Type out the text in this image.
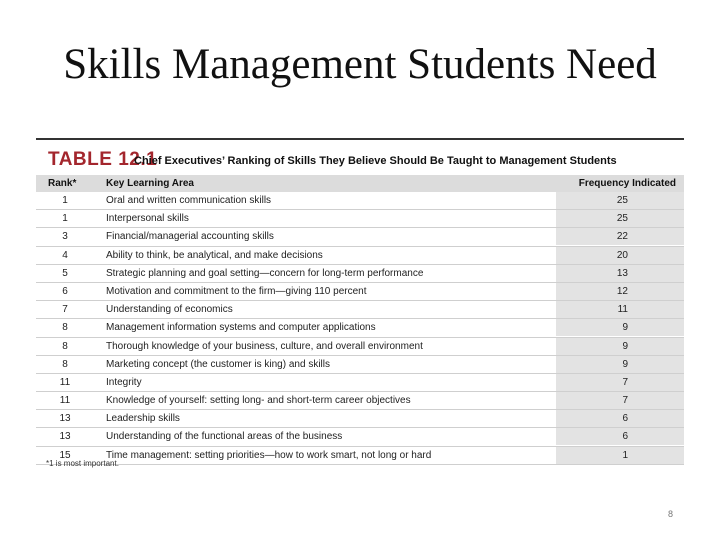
Skills Management Students Need
TABLE 12.1
Chief Executives’ Ranking of Skills They Believe Should Be Taught to Management Students
Rank*	Key Learning Area	Frequency Indicated
1	Oral and written communication skills	25
1	Interpersonal skills	25
3	Financial/managerial accounting skills	22
4	Ability to think, be analytical, and make decisions	20
5	Strategic planning and goal setting—concern for long-term performance	13
6	Motivation and commitment to the firm—giving 110 percent	12
7	Understanding of economics	11
8	Management information systems and computer applications	9
8	Thorough knowledge of your business, culture, and overall environment	9
8	Marketing concept (the customer is king) and skills	9
11	Integrity	7
11	Knowledge of yourself: setting long- and short-term career objectives	7
13	Leadership skills	6
13	Understanding of the functional areas of the business	6
15	Time management: setting priorities—how to work smart, not long or hard	1
*1 is most important.
8
